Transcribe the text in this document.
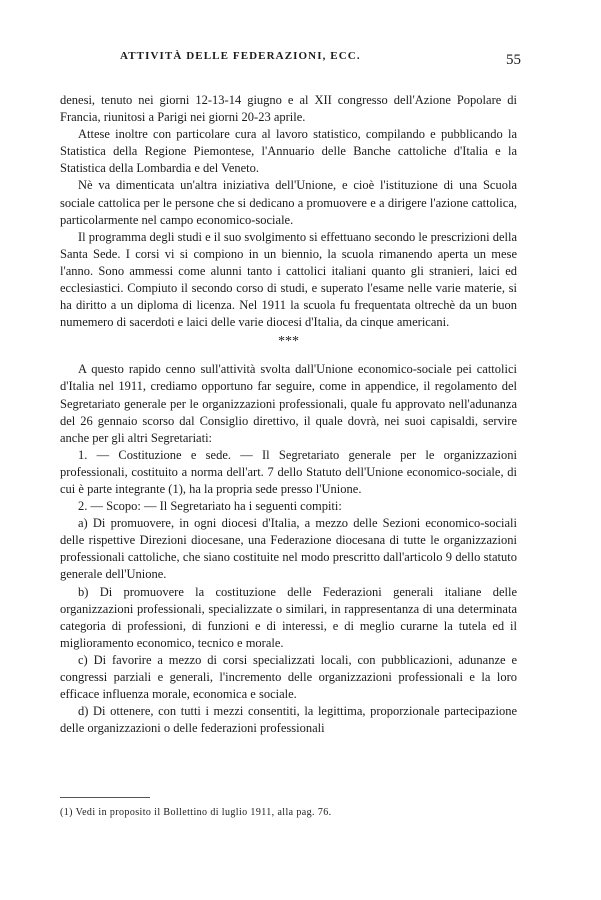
ATTIVITÀ DELLE FEDERAZIONI, ECC.	55

denesi, tenuto nei giorni 12-13-14 giugno e al XII congresso dell'Azione Popolare di Francia, riunitosi a Parigi nei giorni 20-23 aprile.

Attese inoltre con particolare cura al lavoro statistico, compilando e pubblicando la Statistica della Regione Piemontese, l'Annuario delle Banche cattoliche d'Italia e la Statistica della Lombardia e del Veneto.

Nè va dimenticata un'altra iniziativa dell'Unione, e cioè l'istituzione di una Scuola sociale cattolica per le persone che si dedicano a promuovere e a dirigere l'azione cattolica, particolarmente nel campo economico-sociale.

Il programma degli studi e il suo svolgimento si effettuano secondo le prescrizioni della Santa Sede. I corsi vi si compiono in un biennio, la scuola rimanendo aperta un mese l'anno. Sono ammessi come alunni tanto i cattolici italiani quanto gli stranieri, laici ed ecclesiastici. Compiuto il secondo corso di studi, e superato l'esame nelle varie materie, si ha diritto a un diploma di licenza. Nel 1911 la scuola fu frequentata oltrechè da un buon numemero di sacerdoti e laici delle varie diocesi d'Italia, da cinque americani.

***

A questo rapido cenno sull'attività svolta dall'Unione economico-sociale pei cattolici d'Italia nel 1911, crediamo opportuno far seguire, come in appendice, il regolamento del Segretariato generale per le organizzazioni professionali, quale fu approvato nell'adunanza del 26 gennaio scorso dal Consiglio direttivo, il quale dovrà, nei suoi capisaldi, servire anche per gli altri Segretariati:

1. — Costituzione e sede. — Il Segretariato generale per le organizzazioni professionali, costituito a norma dell'art. 7 dello Statuto dell'Unione economico-sociale, di cui è parte integrante (1), ha la propria sede presso l'Unione.

2. — Scopo: — Il Segretariato ha i seguenti compiti:

a) Di promuovere, in ogni diocesi d'Italia, a mezzo delle Sezioni economico-sociali delle rispettive Direzioni diocesane, una Federazione diocesana di tutte le organizzazioni professionali cattoliche, che siano costituite nel modo prescritto dall'articolo 9 dello statuto generale dell'Unione.

b) Di promuovere la costituzione delle Federazioni generali italiane delle organizzazioni professionali, specializzate o similari, in rappresentanza di una determinata categoria di professioni, di funzioni e di interessi, e di meglio curarne la tutela ed il miglioramento economico, tecnico e morale.

c) Di favorire a mezzo di corsi specializzati locali, con pubblicazioni, adunanze e congressi parziali e generali, l'incremento delle organizzazioni professionali e la loro efficace influenza morale, economica e sociale.

d) Di ottenere, con tutti i mezzi consentiti, la legittima, proporzionale partecipazione delle organizzazioni o delle federazioni professionali

(1) Vedi in proposito il Bollettino di luglio 1911, alla pag. 76.
